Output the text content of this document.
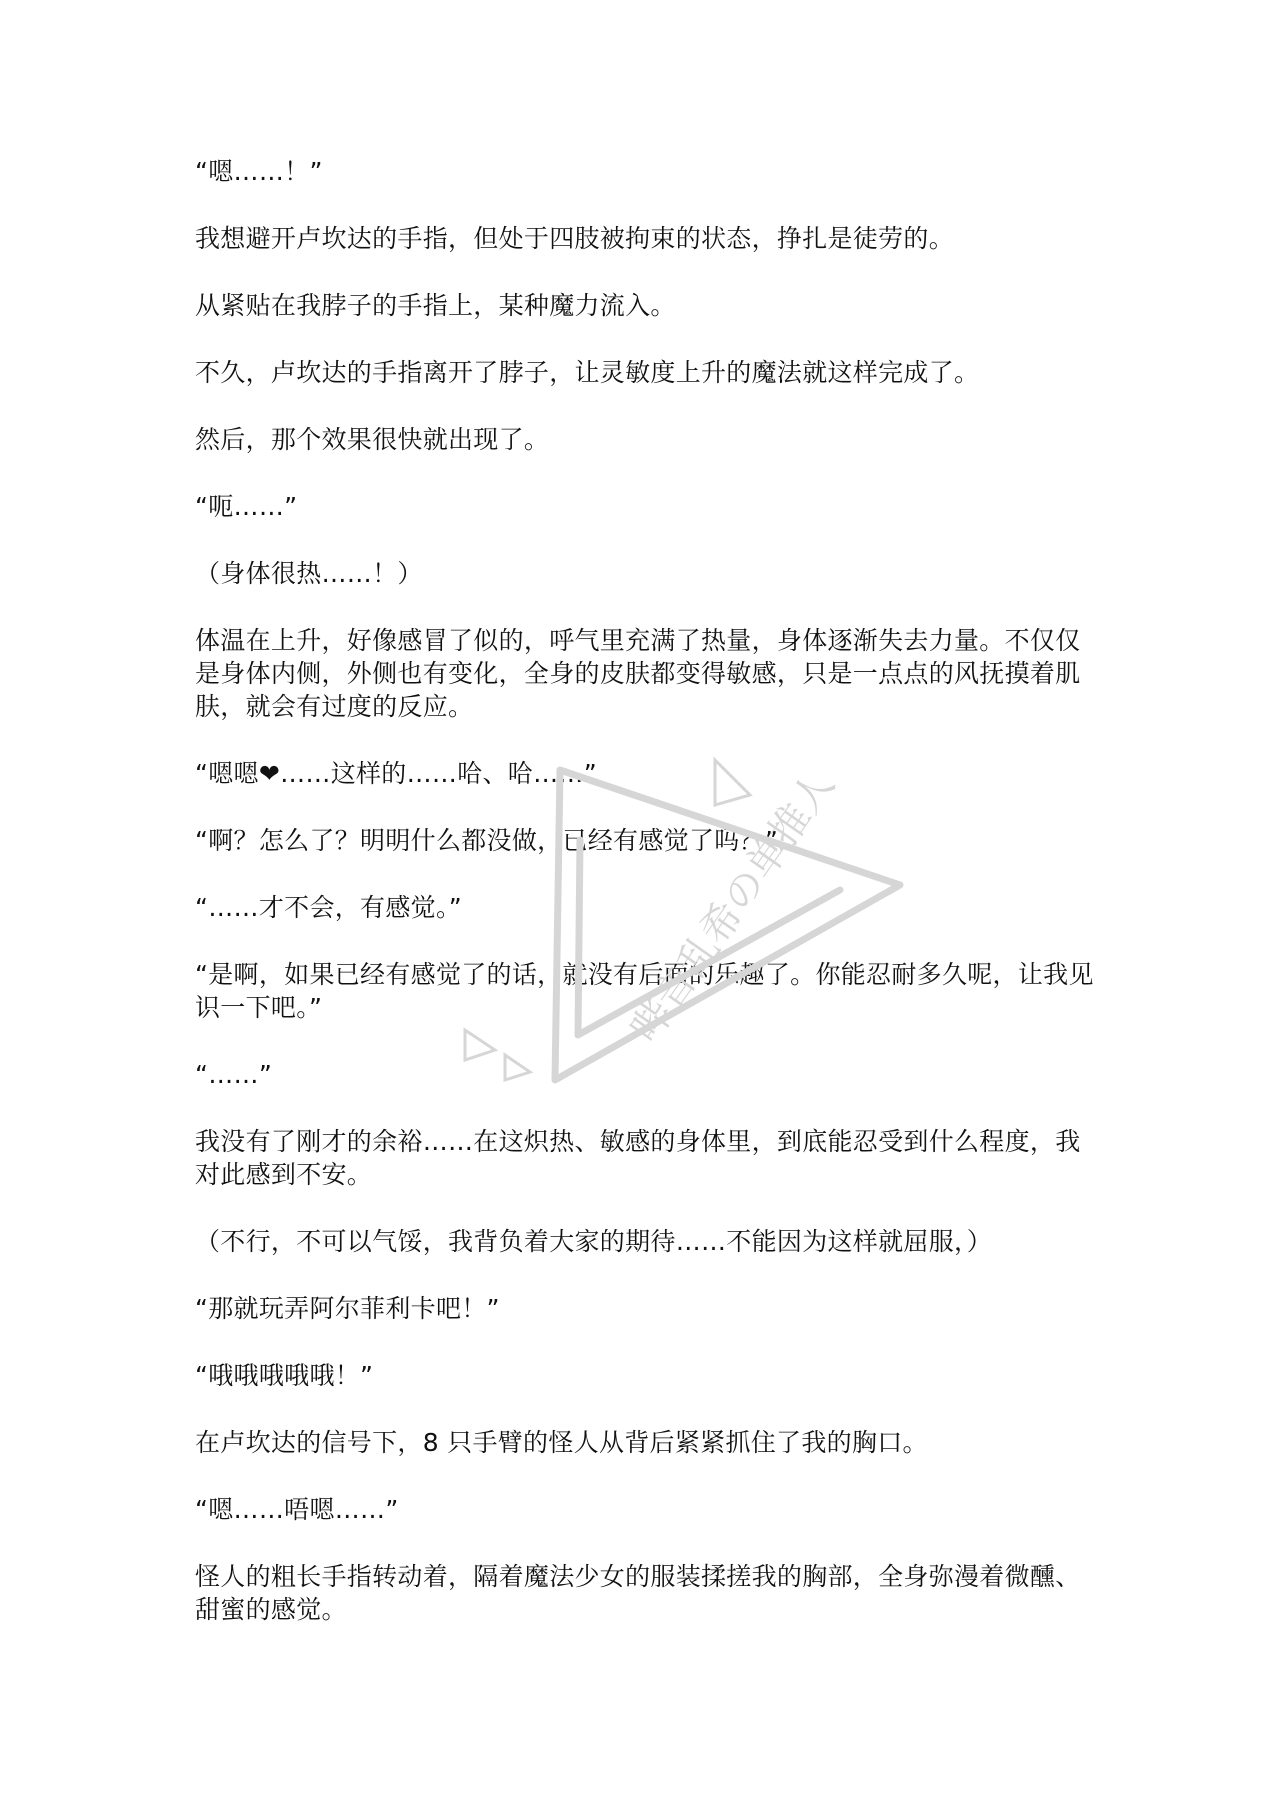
“嗯……！”

我想避开卢坎达的手指，但处于四肢被拘束的状态，挣扎是徒劳的。

从紧贴在我脖子的手指上，某种魔力流入。

不久，卢坎达的手指离开了脖子，让灵敏度上升的魔法就这样完成了。

然后，那个效果很快就出现了。

“呃……”

（身体很热……！）

体温在上升，好像感冒了似的，呼气里充满了热量，身体逐渐失去力量。不仅仅是身体内侧，外侧也有变化，全身的皮肤都变得敏感，只是一点点的风抚摸着肌肤，就会有过度的反应。

“嗯嗯❤……这样的……哈、哈……”

“啊？怎么了？明明什么都没做，已经有感觉了吗？”

“……才不会，有感觉。”

“是啊，如果已经有感觉了的话，就没有后面的乐趣了。你能忍耐多久呢，让我见识一下吧。”

“……”

我没有了刚才的余裕……在这炽热、敏感的身体里，到底能忍受到什么程度，我对此感到不安。

（不行，不可以气馁，我背负着大家的期待……不能因为这样就屈服，）

“那就玩弄阿尔菲利卡吧！”

“哦哦哦哦哦！”

在卢坎达的信号下，8 只手臂的怪人从背后紧紧抓住了我的胸口。

“嗯……唔嗯……”

怪人的粗长手指转动着，隔着魔法少女的服装揉搓我的胸部，全身弥漫着微醺、甜蜜的感觉。

哔音乱希の单推人
